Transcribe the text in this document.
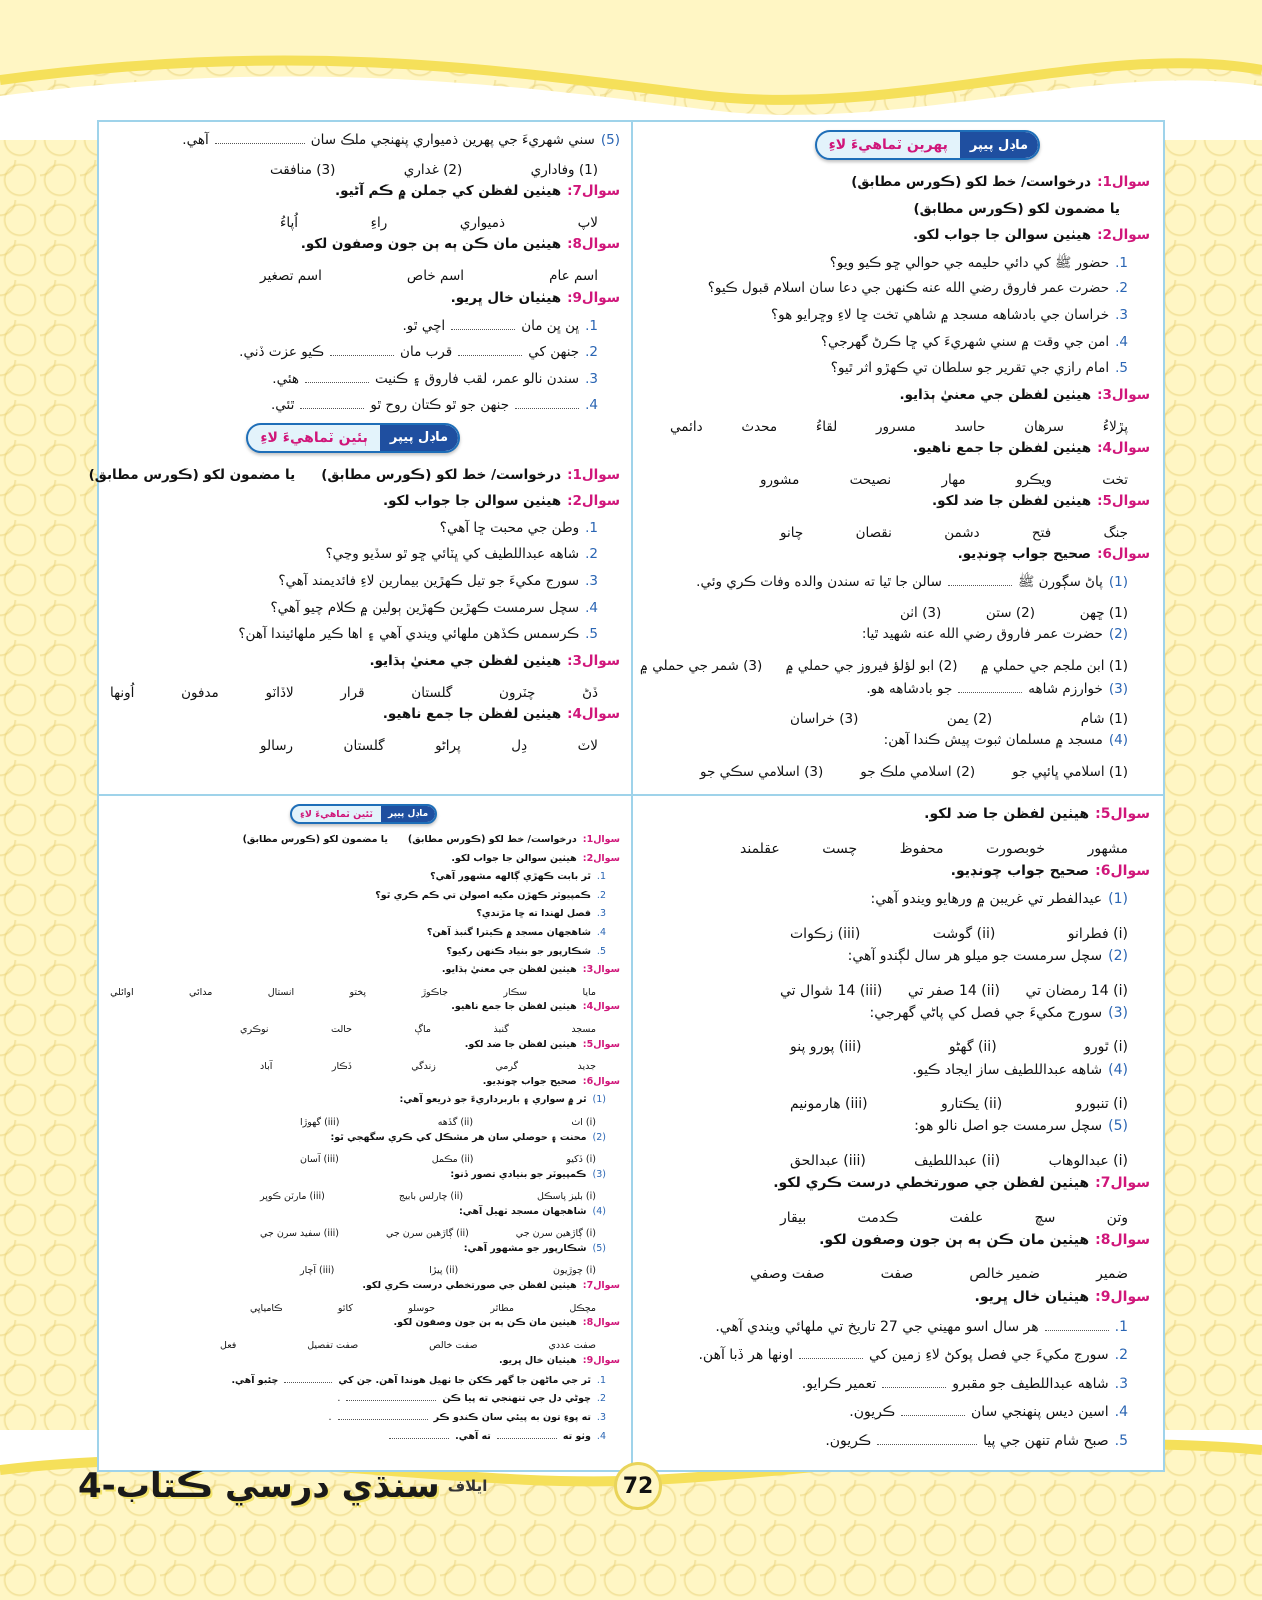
پهرين ٽماهيءَ لاءِ	ماڊل پيپر
سوال1:
درخواست/ خط لکو (ڪورس مطابق)
يا مضمون لکو (ڪورس مطابق)
سوال2:
هيٺين سوالن جا جواب لکو.
1.
حضور ﷺ کي دائي حليمه جي حوالي ڇو ڪيو ويو؟
2.
حضرت عمر فاروق رضي الله عنه ڪنهن جي دعا سان اسلام قبول ڪيو؟
3.
خراسان جي بادشاهه مسجد ۾ شاهي تخت ڇا لاءِ وڇرايو هو؟
4.
امن جي وقت ۾ سني شهريءَ کي ڇا ڪرڻ گهرجي؟
5.
امام رازي جي تقرير جو سلطان تي ڪهڙو اثر ٿيو؟
سوال3:
هيٺين لفظن جي معنيٰ ٻڌايو.
پڙلاءُ
سرهان
حاسد
مسرور
لقاءُ
محدث
دائمي
سوال4:
هيٺين لفظن جا جمع ناهيو.
تخت
ويڪرو
مهار
نصيحت
مشورو
سوال5:
هيٺين لفظن جا ضد لکو.
جنگ
فتح
دشمن
نقصان
چانو
سوال6:
صحيح جواب چونڊيو.
(1)
پاڻ سڳورن ﷺ
سالن جا ٿيا ته سندن والده وفات ڪري وئي.
(1) ڇهن
(2) ستن
(3) اٺن
(2)
حضرت عمر فاروق رضي الله عنه شهيد ٿيا:
(1) ابن ملجم جي حملي ۾
(2) ابو لؤلؤ فيروز جي حملي ۾
(3) شمر جي حملي ۾
(3)
خوارزم شاهه
جو بادشاهه هو.
(1) شام
(2) يمن
(3) خراسان
(4)
مسجد ۾ مسلمان ثبوت پيش ڪندا آهن:
(1) اسلامي ڀائپي جو
(2) اسلامي ملڪ جو
(3) اسلامي سڪي جو
(5)
سني شهريءَ جي پهرين ذميواري پنهنجي ملڪ سان
آهي.
(1) وفاداري
(2) غداري
(3) منافقت
سوال7:
هيٺين لفظن کي جملن ۾ ڪم آڻيو.
لاپ
ذميواري
راءِ
اُپاءُ
سوال8:
هيٺين مان ڪن ٻه ٻن جون وصفون لکو.
اسم عام
اسم خاص
اسم تصغير
سوال9:
هيٺيان خال ڀريو.
1.
ڀن ڀن مان
اچي ٿو.
2.
جنهن کي
قرب مان
ڪيو عزت ڏني.
3.
سندن نالو عمر، لقب فاروق ۽ ڪنيت
هئي.
4.
جنهن جو ٿو ڪتان روح ٿو
ٿئي.
ٻئين ٽماهيءَ لاءِ	ماڊل پيپر
سوال1:
درخواست/ خط لکو (ڪورس مطابق)
يا مضمون لکو (ڪورس مطابق)
سوال2:
هيٺين سوالن جا جواب لکو.
1.
وطن جي محبت ڇا آهي؟
2.
شاهه عبداللطيف کي ڀٽائي ڇو ٿو سڏيو وڃي؟
3.
سورج مکيءَ جو تيل ڪهڙين بيمارين لاءِ فائديمند آهي؟
4.
سچل سرمست ڪهڙين ڪهڙين ٻولين ۾ ڪلام چيو آهي؟
5.
ڪرسمس ڪڏهن ملهائي ويندي آهي ۽ اها ڪير ملهائيندا آهن؟
سوال3:
هيٺين لفظن جي معنيٰ ٻڌايو.
ڏڻ
چٽرون
گلستان
قرار
لاڏاٽو
مدفون
اُونها
سوال4:
هيٺين لفظن جا جمع ناهيو.
لاٽ
دِل
پراڻو
گلستان
رسالو
سوال5:
هيٺين لفظن جا ضد لکو.
مشهور
خوبصورت
محفوظ
چست
عقلمند
سوال6:
صحيح جواب چونڊيو.
(1)
عيدالفطر تي غريبن ۾ ورهايو ويندو آهي:
(i) فطرانو
(ii) گوشت
(iii) زڪوات
(2)
سچل سرمست جو ميلو هر سال لڳندو آهي:
(i) 14 رمضان تي
(ii) 14 صفر تي
(iii) 14 شوال تي
(3)
سورج مکيءَ جي فصل کي پاڻي گهرجي:
(i) ٿورو
(ii) گهڻو
(iii) پورو پنو
(4)
شاهه عبداللطيف ساز ايجاد ڪيو.
(i) تنبورو
(ii) يڪتارو
(iii) هارمونيم
(5)
سچل سرمست جو اصل نالو هو:
(i) عبدالوهاب
(ii) عبداللطيف
(iii) عبدالحق
سوال7:
هيٺين لفظن جي صورتخطي درست ڪري لکو.
وتن
سچ
علفت
ڪدمت
بيقار
سوال8:
هيٺين مان ڪن ٻه ٻن جون وصفون لکو.
ضمير
ضمير خالص
صفت
صفت وصفي
سوال9:
هيٺيان خال ڀريو.
1.
هر سال اسو مهيني جي 27 تاريخ تي ملهائي ويندي آهي.
2.
سورج مکيءَ جي فصل پوکڻ لاءِ زمين کي
اونها هر ڏبا آهن.
3.
شاهه عبداللطيف جو مقبرو
تعمير ڪرايو.
4.
اسين ديس پنهنجي سان
ڪريون.
5.
صبح شام تنهن جي پيا
ڪريون.
ٽئين ٽماهيءَ لاءِ	ماڊل پيپر
سوال1:
درخواست/ خط لکو (ڪورس مطابق)
يا مضمون لکو (ڪورس مطابق)
سوال2:
هيٺين سوالن جا جواب لکو.
1.
ٿر بابت ڪهڙي ڳالهه مشهور آهي؟
2.
ڪمپيوٽر ڪهڙن مکيه اصولن تي ڪم ڪري ٿو؟
3.
فصل لهندا ته ڇا مڙندي؟
4.
شاهجهان مسجد ۾ ڪيترا گنبذ آهن؟
5.
شڪارپور جو بنياد ڪنهن رکيو؟
سوال3:
هيٺين لفظن جي معنيٰ ٻڌايو.
مايا
سڪار
جاڪوڙ
پختو
انستال
مدائي
اوائلي
سوال4:
هيٺين لفظن جا جمع ناهيو.
مسجد
گنبذ
ماڳ
حالت
نوڪري
سوال5:
هيٺين لفظن جا ضد لکو.
جديد
گرمي
زندگي
ڏڪار
آباد
سوال6:
صحيح جواب چونڊيو.
(1)
ٿر ۾ سواري ۽ باربرداريءَ جو ذريعو آهي:
(i) اٺ
(ii) گڏهه
(iii) گهوڙا
(2)
محنت ۽ حوصلي سان هر مشڪل کي ڪري سگهجي ٿو:
(i) ڏکيو
(ii) مڪمل
(iii) آسان
(3)
ڪمپيوٽر جو بنيادي تصور ڏنو:
(i) بليز پاسڪل
(ii) چارلس بابيج
(iii) مارٽن ڪوپر
(4)
شاهجهان مسجد ٺهيل آهي:
(i) ڳاڙهين سرن جي
(ii) ڳاڙهين سرن جي
(iii) سفيد سرن جي
(5)
شڪارپور جو مشهور آهي:
(i) چوڙيون
(ii) پيڙا
(iii) آچار
سوال7:
هيٺين لفظن جي صورتخطي درست ڪري لکو.
مچڪل
مطاٿر
حوسلو
کاٿو
ڪامياڀي
سوال8:
هيٺين مان ڪن ٻه ٻن جون وصفون لکو.
صفت عددي
صفت خالص
صفت تفصيل
فعل
سوال9:
هيٺيان خال ڀريو.
1.
ٿر جي ماڻهن جا گهر ڪکن جا ٺهيل هوندا آهن. جن کي
چئبو آهي.
2.
چوڻي دل جي تنهنجي ته پيا ڪن
.
3.
ته پوءِ تون به پيئي سان ڪندو ڪر
.
4.
وٺو ته
ته آهي.
ايلاف
سنڌي درسي ڪتاب-4	72
